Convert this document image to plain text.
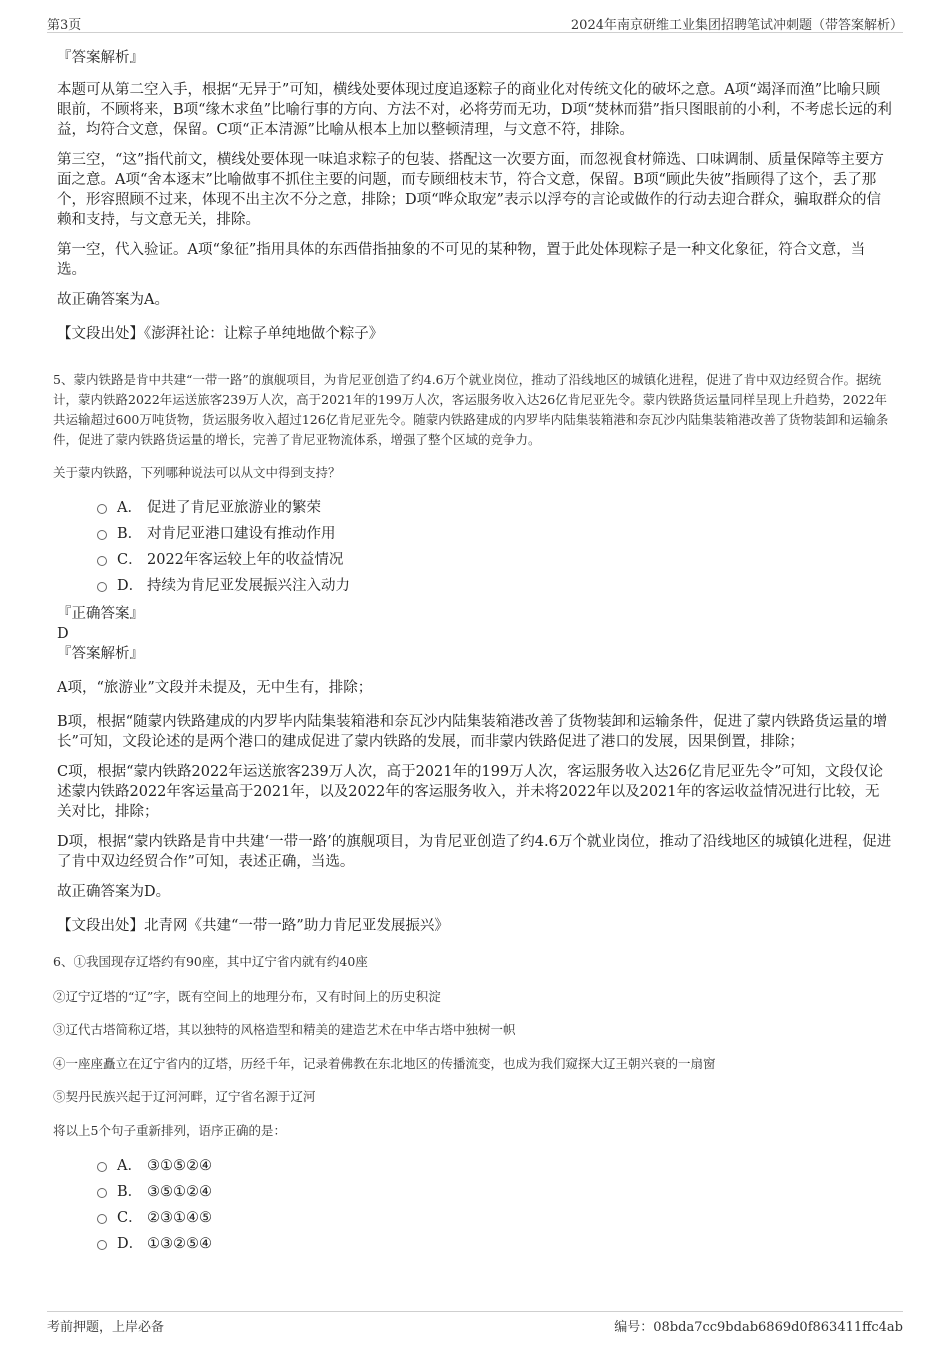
第3页	2024年南京研维工业集团招聘笔试冲刺题（带答案解析）

『答案解析』

本题可从第二空入手，根据“无异于”可知，横线处要体现过度追逐粽子的商业化对传统文化的破坏之意。A项“竭泽而渔”比喻只顾眼前，不顾将来，B项“缘木求鱼”比喻行事的方向、方法不对，必将劳而无功，D项“焚林而猎”指只图眼前的小利，不考虑长远的利益，均符合文意，保留。C项“正本清源”比喻从根本上加以整顿清理，与文意不符，排除。

第三空，“这”指代前文，横线处要体现一味追求粽子的包装、搭配这一次要方面，而忽视食材筛选、口味调制、质量保障等主要方面之意。A项“舍本逐末”比喻做事不抓住主要的问题，而专顾细枝末节，符合文意，保留。B项“顾此失彼”指顾得了这个，丢了那个，形容照顾不过来，体现不出主次不分之意，排除；D项“哗众取宠”表示以浮夸的言论或做作的行动去迎合群众，骗取群众的信赖和支持，与文意无关，排除。

第一空，代入验证。A项“象征”指用具体的东西借指抽象的不可见的某种物，置于此处体现粽子是一种文化象征，符合文意，当选。

故正确答案为A。

【文段出处】《澎湃社论：让粽子单纯地做个粽子》

5、蒙内铁路是肯中共建“一带一路”的旗舰项目，为肯尼亚创造了约4.6万个就业岗位，推动了沿线地区的城镇化进程，促进了肯中双边经贸合作。据统计，蒙内铁路2022年运送旅客239万人次，高于2021年的199万人次，客运服务收入达26亿肯尼亚先令。蒙内铁路货运量同样呈现上升趋势，2022年共运输超过600万吨货物，货运服务收入超过126亿肯尼亚先令。随蒙内铁路建成的内罗毕内陆集装箱港和奈瓦沙内陆集装箱港改善了货物装卸和运输条件，促进了蒙内铁路货运量的增长，完善了肯尼亚物流体系，增强了整个区域的竞争力。

关于蒙内铁路，下列哪种说法可以从文中得到支持？

A． 促进了肯尼亚旅游业的繁荣
B． 对肯尼亚港口建设有推动作用
C． 2022年客运较上年的收益情况
D． 持续为肯尼亚发展振兴注入动力

『正确答案』

D

『答案解析』

A项，“旅游业”文段并未提及，无中生有，排除；

B项，根据“随蒙内铁路建成的内罗毕内陆集装箱港和奈瓦沙内陆集装箱港改善了货物装卸和运输条件，促进了蒙内铁路货运量的增长”可知，文段论述的是两个港口的建成促进了蒙内铁路的发展，而非蒙内铁路促进了港口的发展，因果倒置，排除；

C项，根据“蒙内铁路2022年运送旅客239万人次，高于2021年的199万人次，客运服务收入达26亿肯尼亚先令”可知，文段仅论述蒙内铁路2022年客运量高于2021年，以及2022年的客运服务收入，并未将2022年以及2021年的客运收益情况进行比较，无关对比，排除；

D项，根据“蒙内铁路是肯中共建‘一带一路’的旗舰项目，为肯尼亚创造了约4.6万个就业岗位，推动了沿线地区的城镇化进程，促进了肯中双边经贸合作”可知，表述正确，当选。

故正确答案为D。

【文段出处】北青网《共建“一带一路”助力肯尼亚发展振兴》

6、①我国现存辽塔约有90座，其中辽宁省内就有约40座

②辽宁辽塔的“辽”字，既有空间上的地理分布，又有时间上的历史积淀

③辽代古塔简称辽塔，其以独特的风格造型和精美的建造艺术在中华古塔中独树一帜

④一座座矗立在辽宁省内的辽塔，历经千年，记录着佛教在东北地区的传播流变，也成为我们窥探大辽王朝兴衰的一扇窗

⑤契丹民族兴起于辽河河畔，辽宁省名源于辽河

将以上5个句子重新排列，语序正确的是：

A． ③①⑤②④
B． ③⑤①②④
C． ②③①④⑤
D． ①③②⑤④
考前押题，上岸必备	编号：08bda7cc9bdab6869d0f863411ffc4ab
